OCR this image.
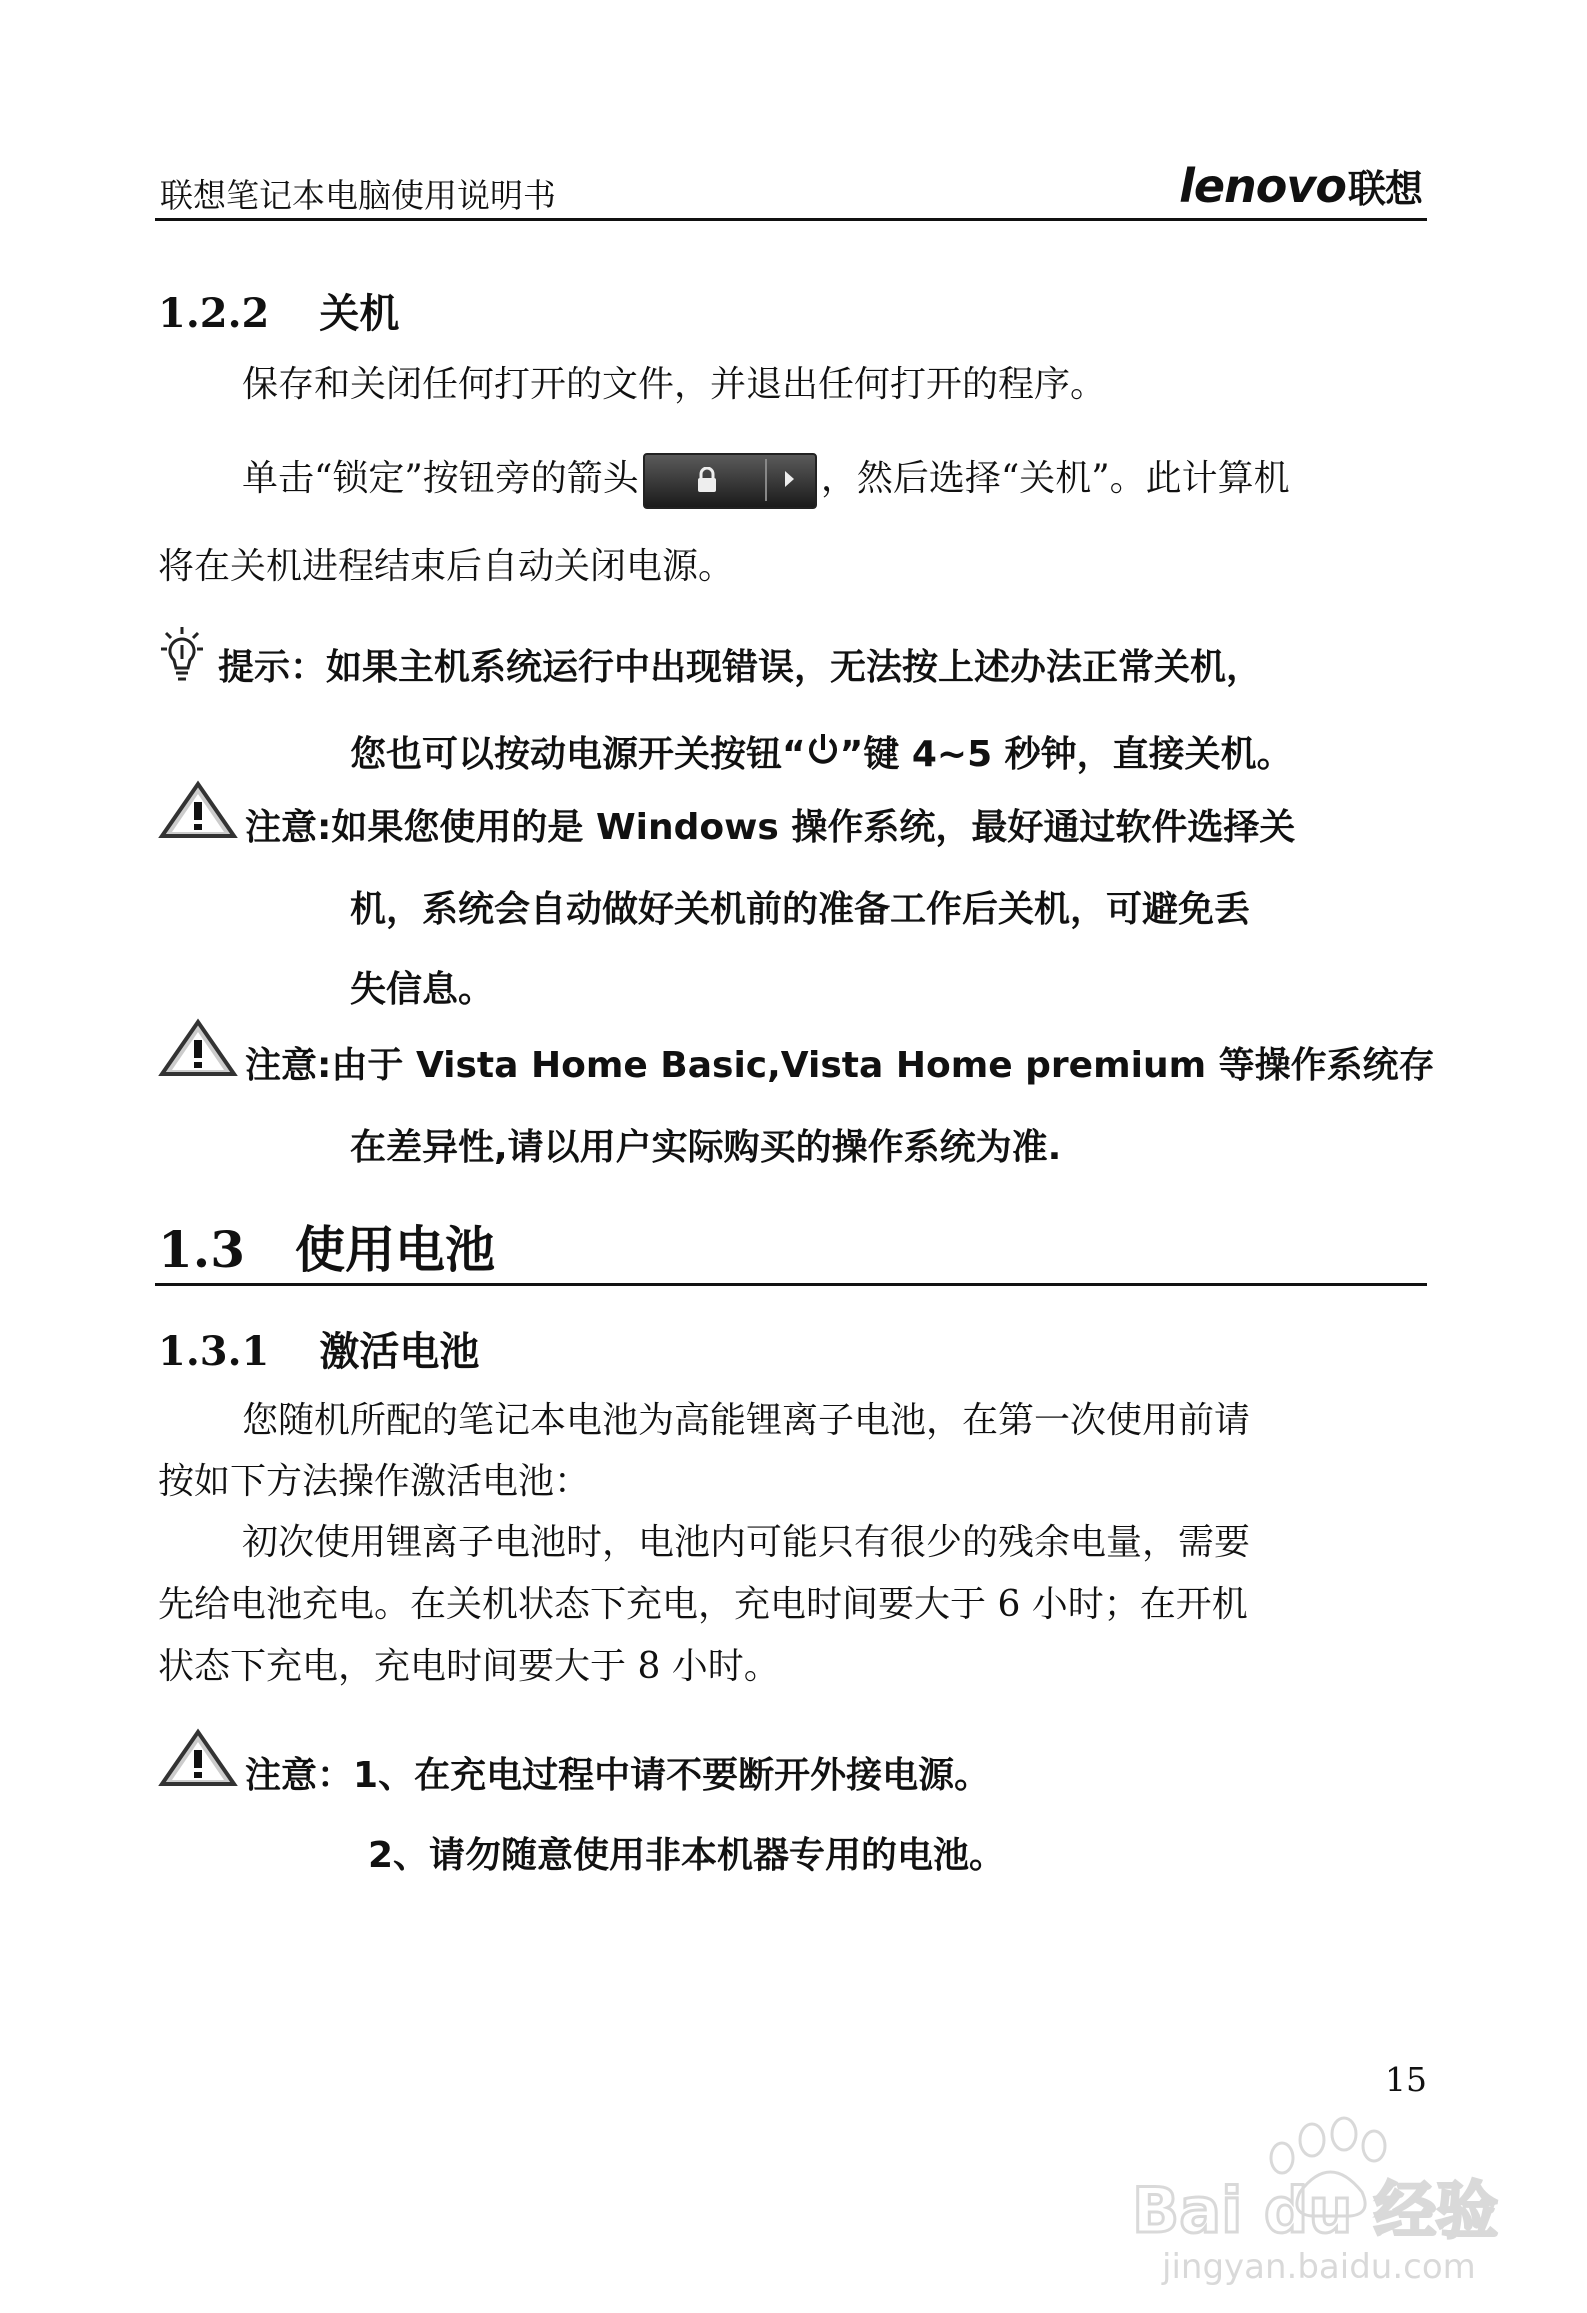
联想笔记本电脑使用说明书	lenovo联想
1.2.2 关机
保存和关闭任何打开的文件，并退出任何打开的程序。
单击“锁定”按钮旁的箭头	，然后选择“关机”。此计算机
将在关机进程结束后自动关闭电源。
提示：如果主机系统运行中出现错误，无法按上述办法正常关机，
您也可以按动电源开关按钮“ ”键 4~5 秒钟，直接关机。
注意:如果您使用的是 Windows 操作系统，最好通过软件选择关
机，系统会自动做好关机前的准备工作后关机，可避免丢
失信息。
注意:由于 Vista Home Basic,Vista Home premium 等操作系统存
在差异性,请以用户实际购买的操作系统为准.
1.3 使用电池
1.3.1 激活电池
您随机所配的笔记本电池为高能锂离子电池，在第一次使用前请
按如下方法操作激活电池：
初次使用锂离子电池时，电池内可能只有很少的残余电量，需要
先给电池充电。在关机状态下充电，充电时间要大于 6 小时；在开机
状态下充电，充电时间要大于 8 小时。
注意：1、在充电过程中请不要断开外接电源。
2、请勿随意使用非本机器专用的电池。
15
Bai du 经验
jingyan.baidu.com
